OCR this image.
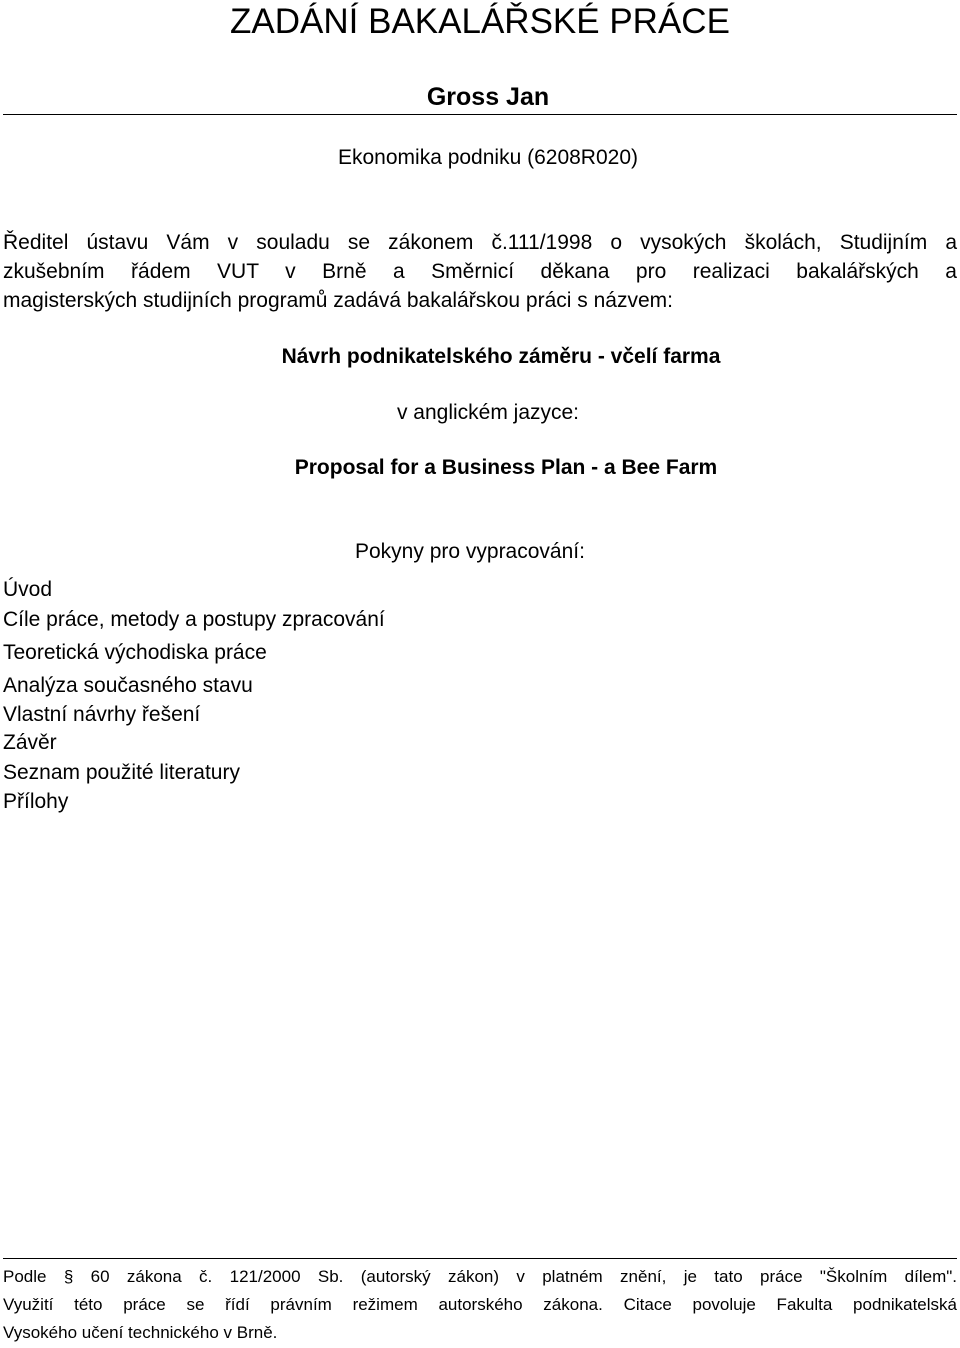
ZADÁNÍ BAKALÁŘSKÉ PRÁCE
Gross Jan
Ekonomika podniku (6208R020)
Ředitel ústavu Vám v souladu se zákonem č.111/1998 o vysokých školách, Studijním a
zkušebním řádem VUT v Brně a Směrnicí děkana pro realizaci bakalářských a
magisterských studijních programů zadává bakalářskou práci s názvem:
Návrh podnikatelského záměru - včelí farma
v anglickém jazyce:
Proposal for a Business Plan - a Bee Farm
Pokyny pro vypracování:
Úvod
Cíle práce, metody a postupy zpracování
Teoretická východiska práce
Analýza současného stavu
Vlastní návrhy řešení
Závěr
Seznam použité literatury
Přílohy
Podle § 60 zákona č. 121/2000 Sb. (autorský zákon) v platném znění, je tato práce "Školním dílem".
Využití této práce se řídí právním režimem autorského zákona. Citace povoluje Fakulta podnikatelská
Vysokého učení technického v Brně.
